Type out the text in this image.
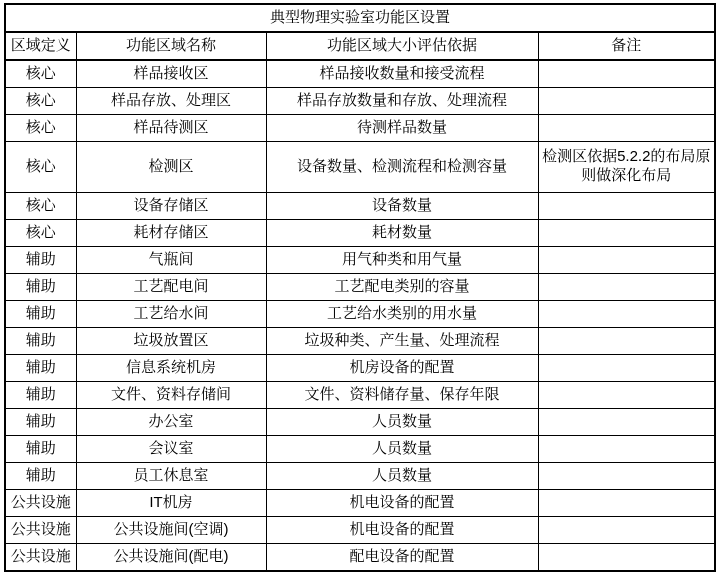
典型物理实验室功能区设置			
区域定义	功能区域名称	功能区域大小评估依据	备注
核心	样品接收区	样品接收数量和接受流程	
核心	样品存放、处理区	样品存放数量和存放、处理流程	
核心	样品待测区	待测样品数量	
核心	检测区	设备数量、检测流程和检测容量	检测区依据5.2.2的布局原则做深化布局
核心	设备存储区	设备数量	
核心	耗材存储区	耗材数量	
辅助	气瓶间	用气种类和用气量	
辅助	工艺配电间	工艺配电类别的容量	
辅助	工艺给水间	工艺给水类别的用水量	
辅助	垃圾放置区	垃圾种类、产生量、处理流程	
辅助	信息系统机房	机房设备的配置	
辅助	文件、资料存储间	文件、资料储存量、保存年限	
辅助	办公室	人员数量	
辅助	会议室	人员数量	
辅助	员工休息室	人员数量	
公共设施	IT机房	机电设备的配置	
公共设施	公共设施间(空调)	机电设备的配置	
公共设施	公共设施间(配电)	配电设备的配置	
